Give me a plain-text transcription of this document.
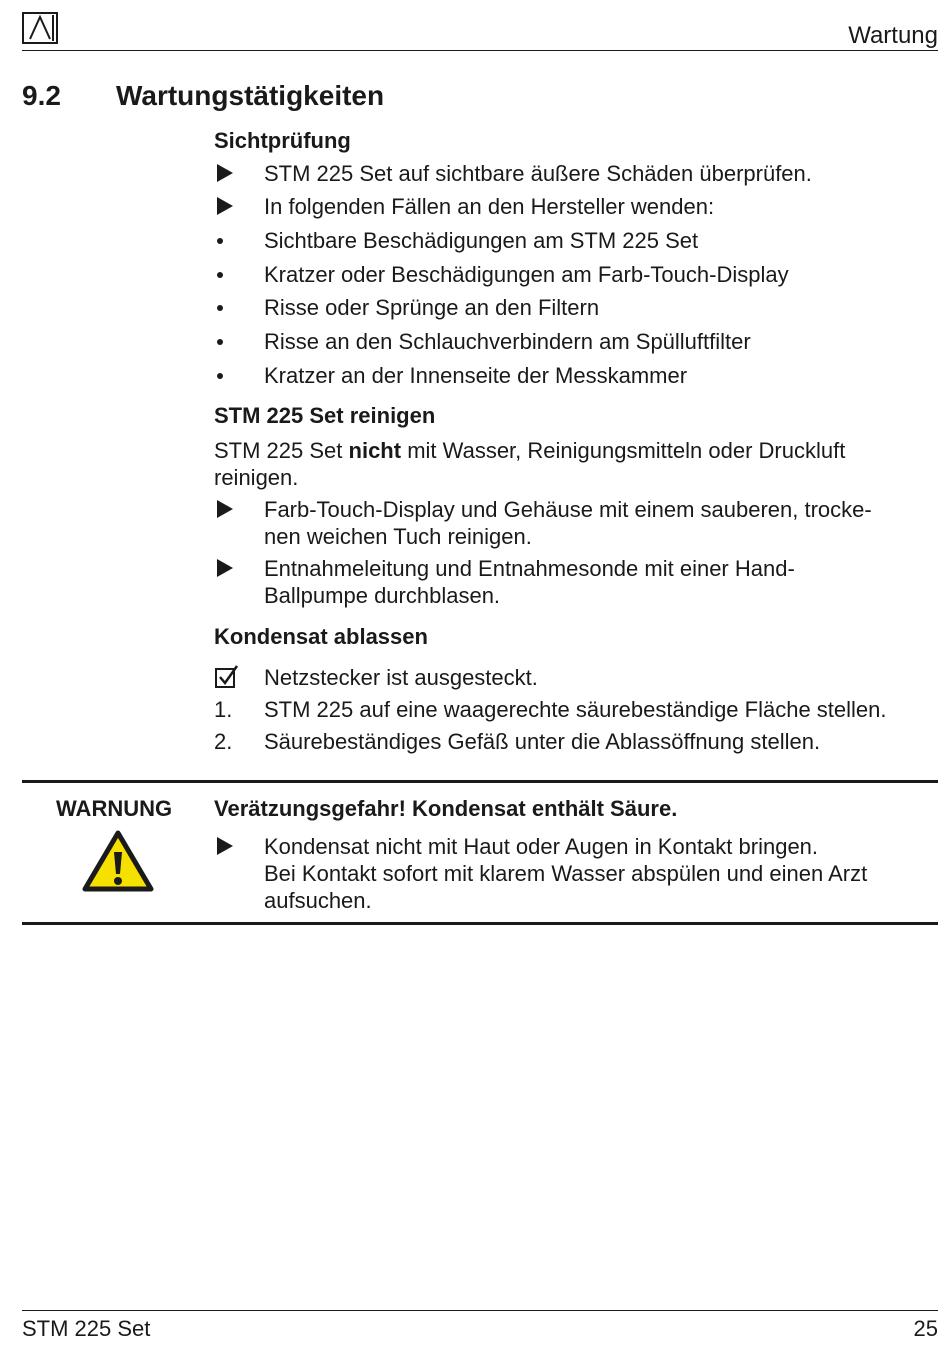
Wartung
9.2 Wartungstätigkeiten
Sichtprüfung
STM 225 Set auf sichtbare äußere Schäden überprüfen.
In folgenden Fällen an den Hersteller wenden:
Sichtbare Beschädigungen am STM 225 Set
Kratzer oder Beschädigungen am Farb-Touch-Display
Risse oder Sprünge an den Filtern
Risse an den Schlauchverbindern am Spülluftfilter
Kratzer an der Innenseite der Messkammer
STM 225 Set reinigen
STM 225 Set nicht mit Wasser, Reinigungsmitteln oder Druckluft
reinigen.
Farb-Touch-Display und Gehäuse mit einem sauberen, trocke-
nen weichen Tuch reinigen.
Entnahmeleitung und Entnahmesonde mit einer Hand-
Ballpumpe durchblasen.
Kondensat ablassen
Netzstecker ist ausgesteckt.
1.	STM 225 auf eine waagerechte säurebeständige Fläche stellen.
2.	Säurebeständiges Gefäß unter die Ablassöffnung stellen.
WARNUNG Verätzungsgefahr! Kondensat enthält Säure.
Kondensat nicht mit Haut oder Augen in Kontakt bringen.
Bei Kontakt sofort mit klarem Wasser abspülen und einen Arzt
aufsuchen.
STM 225 Set	25
